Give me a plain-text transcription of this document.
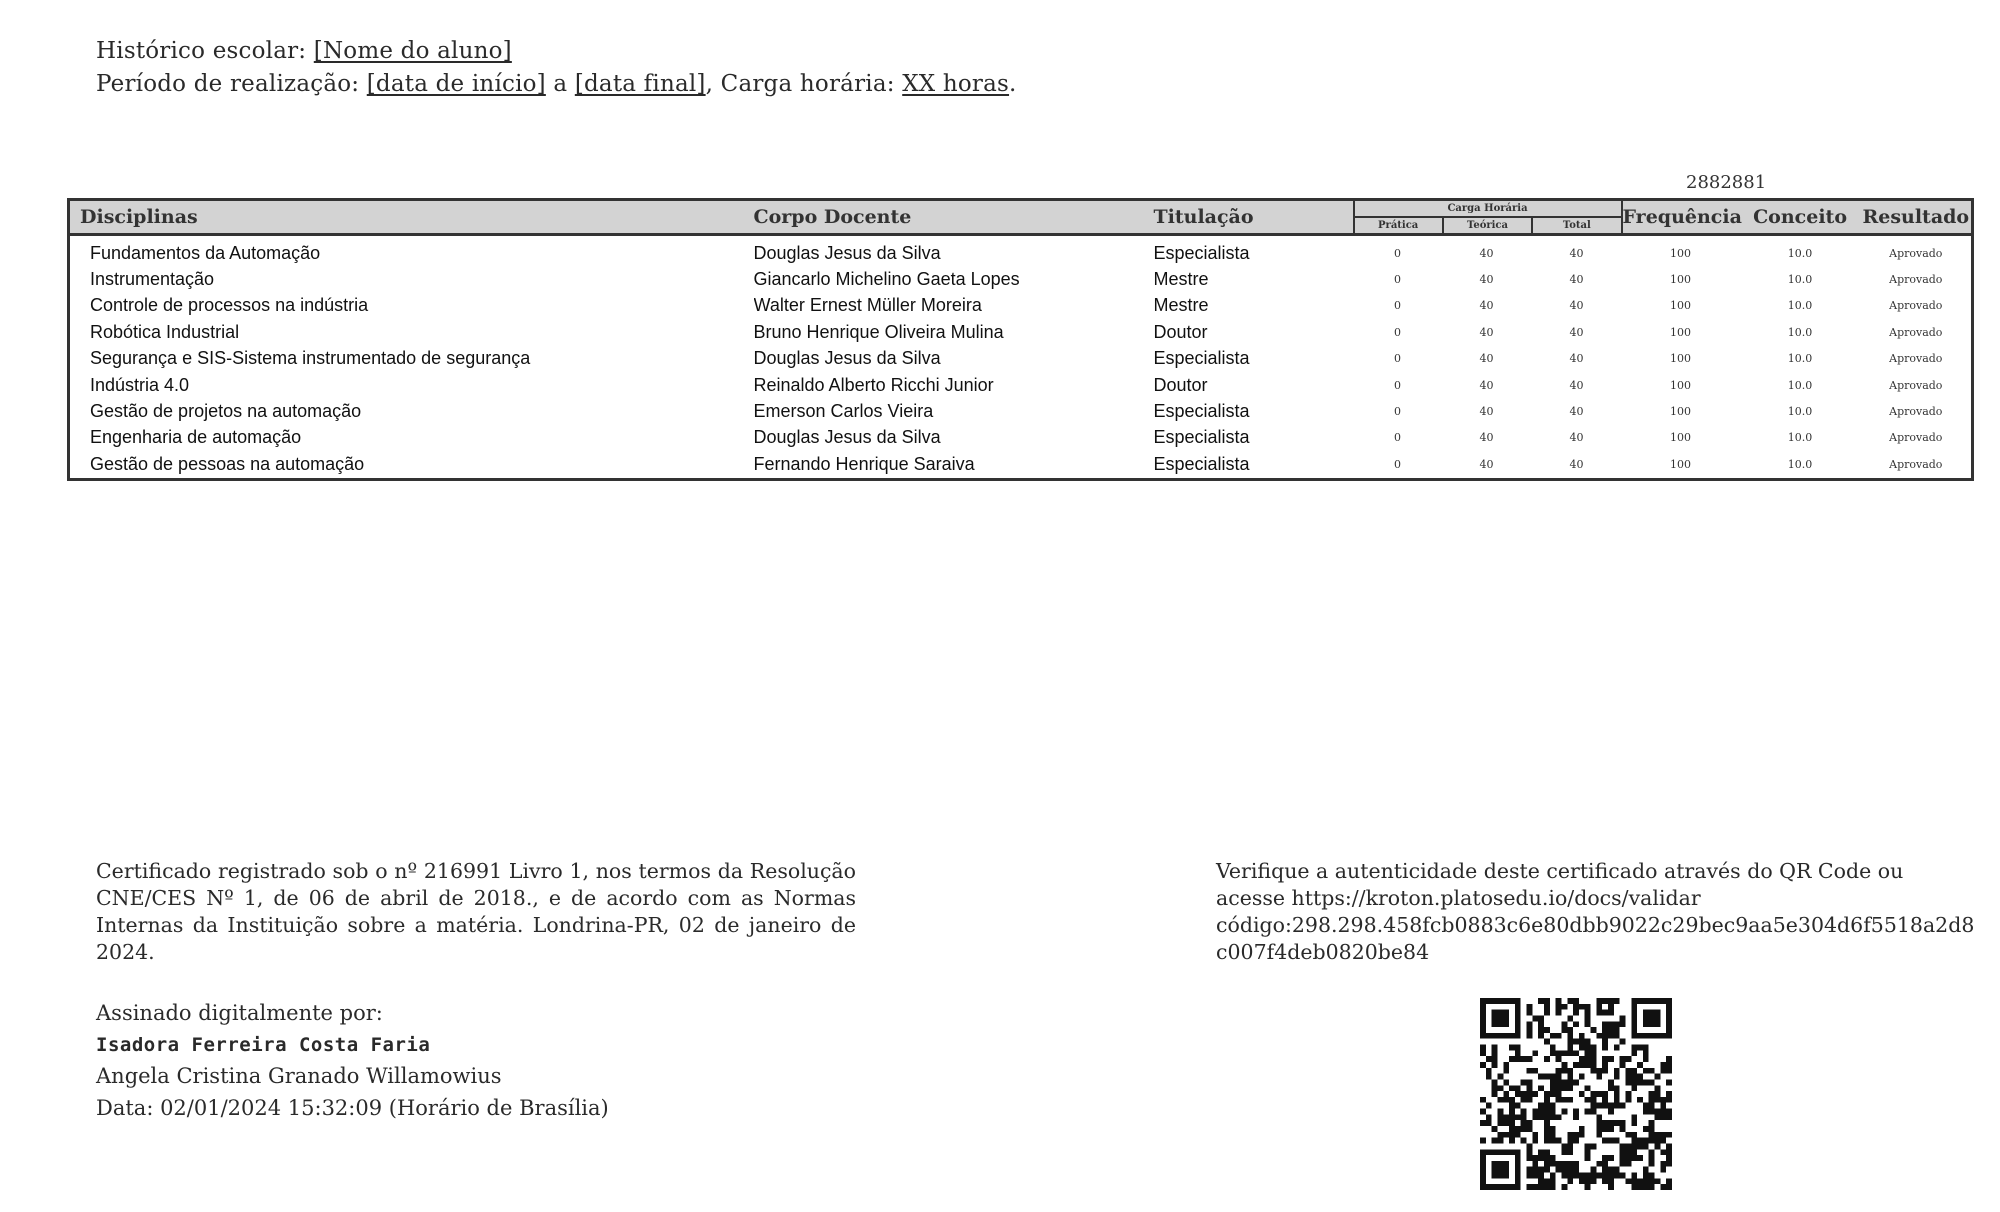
Histórico escolar: [Nome do aluno]
Período de realização: [data de início] a [data final], Carga horária: XX horas.
2882881
Disciplinas	Corpo Docente	Titulação	Carga Horária
Prática Teórica Total			Frequência	Conceito	Resultado
Fundamentos da Automação	Douglas Jesus da Silva	Especialista	0	40	40	100	10.0	Aprovado
Instrumentação	Giancarlo Michelino Gaeta Lopes	Mestre	0	40	40	100	10.0	Aprovado
Controle de processos na indústria	Walter Ernest Müller Moreira	Mestre	0	40	40	100	10.0	Aprovado
Robótica Industrial	Bruno Henrique Oliveira Mulina	Doutor	0	40	40	100	10.0	Aprovado
Segurança e SIS-Sistema instrumentado de segurança	Douglas Jesus da Silva	Especialista	0	40	40	100	10.0	Aprovado
Indústria 4.0	Reinaldo Alberto Ricchi Junior	Doutor	0	40	40	100	10.0	Aprovado
Gestão de projetos na automação	Emerson Carlos Vieira	Especialista	0	40	40	100	10.0	Aprovado
Engenharia de automação	Douglas Jesus da Silva	Especialista	0	40	40	100	10.0	Aprovado
Gestão de pessoas na automação	Fernando Henrique Saraiva	Especialista	0	40	40	100	10.0	Aprovado
Certificado registrado sob o nº 216991 Livro 1, nos termos da Resolução CNE/CES Nº 1, de 06 de abril de 2018., e de acordo com as Normas Internas da Instituição sobre a matéria. Londrina-PR, 02 de janeiro de 2024.
Assinado digitalmente por:
Isadora Ferreira Costa Faria
Angela Cristina Granado Willamowius
Data: 02/01/2024 15:32:09 (Horário de Brasília)
Verifique a autenticidade deste certificado através do QR Code ou acesse https://kroton.platosedu.io/docs/validar
código:298.298.458fcb0883c6e80dbb9022c29bec9aa5e304d6f5518a2d8c007f4deb0820be84
